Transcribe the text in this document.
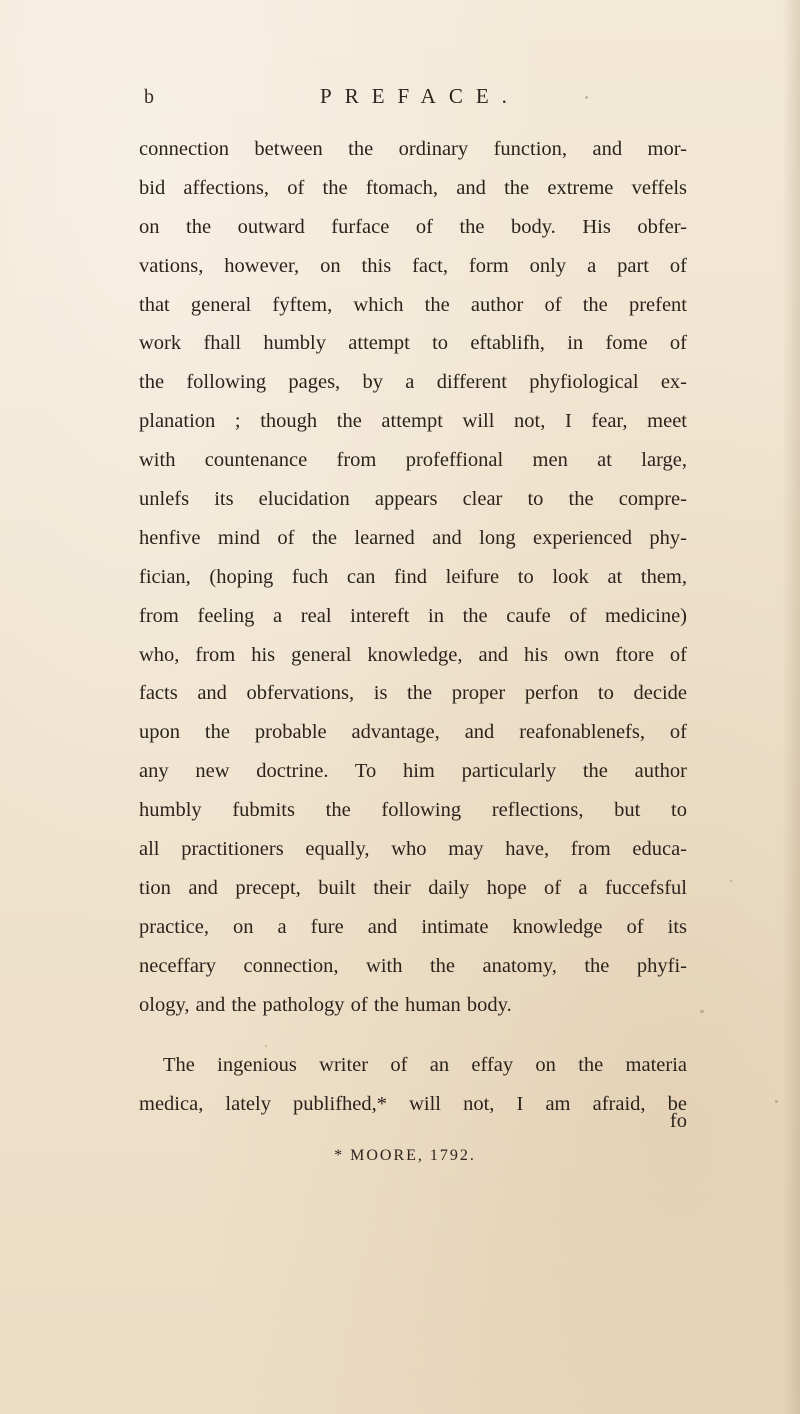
b	PREFACE.
connection between the ordinary function, and mor-
bid affections, of the ftomach, and the extreme veffels
on the outward furface of the body. His obfer-
vations, however, on this fact, form only a part of
that general fyftem, which the author of the prefent
work fhall humbly attempt to eftablifh, in fome of
the following pages, by a different phyfiological ex-
planation ; though the attempt will not, I fear, meet
with countenance from profeffional men at large,
unlefs its elucidation appears clear to the compre-
henfive mind of the learned and long experienced phy-
fician, (hoping fuch can find leifure to look at them,
from feeling a real intereft in the caufe of medicine)
who, from his general knowledge, and his own ftore of
facts and obfervations, is the proper perfon to decide
upon the probable advantage, and reafonablenefs, of
any new doctrine. To him particularly the author
humbly fubmits the following reflections, but to
all practitioners equally, who may have, from educa-
tion and precept, built their daily hope of a fuccefsful
practice, on a fure and intimate knowledge of its
neceffary connection, with the anatomy, the phyfi-
ology, and the pathology of the human body.
The ingenious writer of an effay on the materia
medica, lately publifhed,* will not, I am afraid, be
fo
* MOORE, 1792.
